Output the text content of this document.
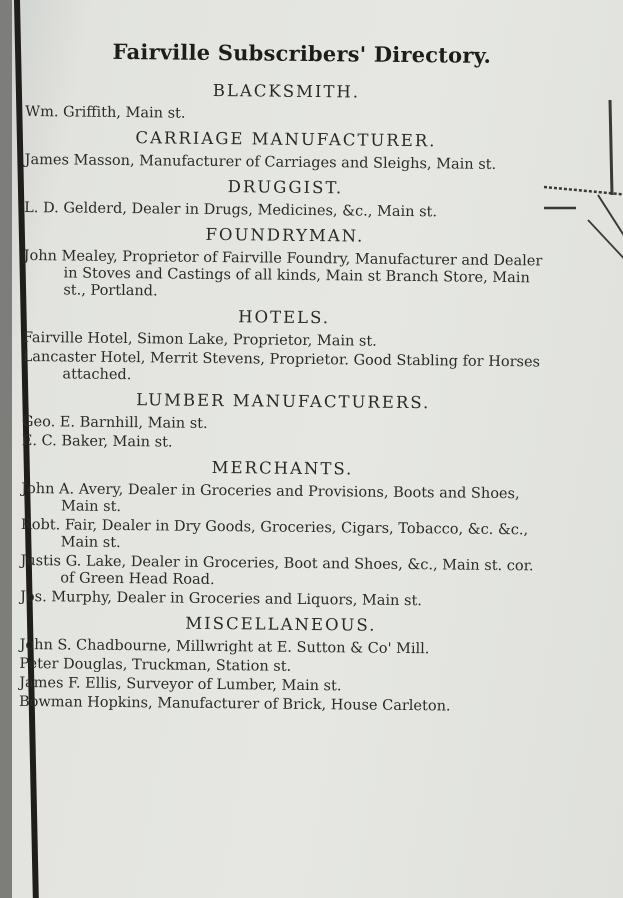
Fairville Subscribers' Directory.
BLACKSMITH.
Wm. Griffith, Main st.
CARRIAGE MANUFACTURER.
James Masson, Manufacturer of Carriages and Sleighs, Main st.
DRUGGIST.
L. D. Gelderd, Dealer in Drugs, Medicines, &c., Main st.
FOUNDRYMAN.
John Mealey, Proprietor of Fairville Foundry, Manufacturer and Dealer in Stoves and Castings of all kinds, Main st Branch Store, Main st., Portland.
HOTELS.
Fairville Hotel, Simon Lake, Proprietor, Main st.
Lancaster Hotel, Merrit Stevens, Proprietor. Good Stabling for Horses attached.
LUMBER MANUFACTURERS.
Geo. E. Barnhill, Main st.
E. C. Baker, Main st.
MERCHANTS.
John A. Avery, Dealer in Groceries and Provisions, Boots and Shoes, Main st.
Robt. Fair, Dealer in Dry Goods, Groceries, Cigars, Tobacco, &c. &c., Main st.
Justis G. Lake, Dealer in Groceries, Boot and Shoes, &c., Main st. cor. of Green Head Road.
Jos. Murphy, Dealer in Groceries and Liquors, Main st.
MISCELLANEOUS.
John S. Chadbourne, Millwright at E. Sutton & Co' Mill.
Peter Douglas, Truckman, Station st.
James F. Ellis, Surveyor of Lumber, Main st.
Bowman Hopkins, Manufacturer of Brick, House Carleton.
